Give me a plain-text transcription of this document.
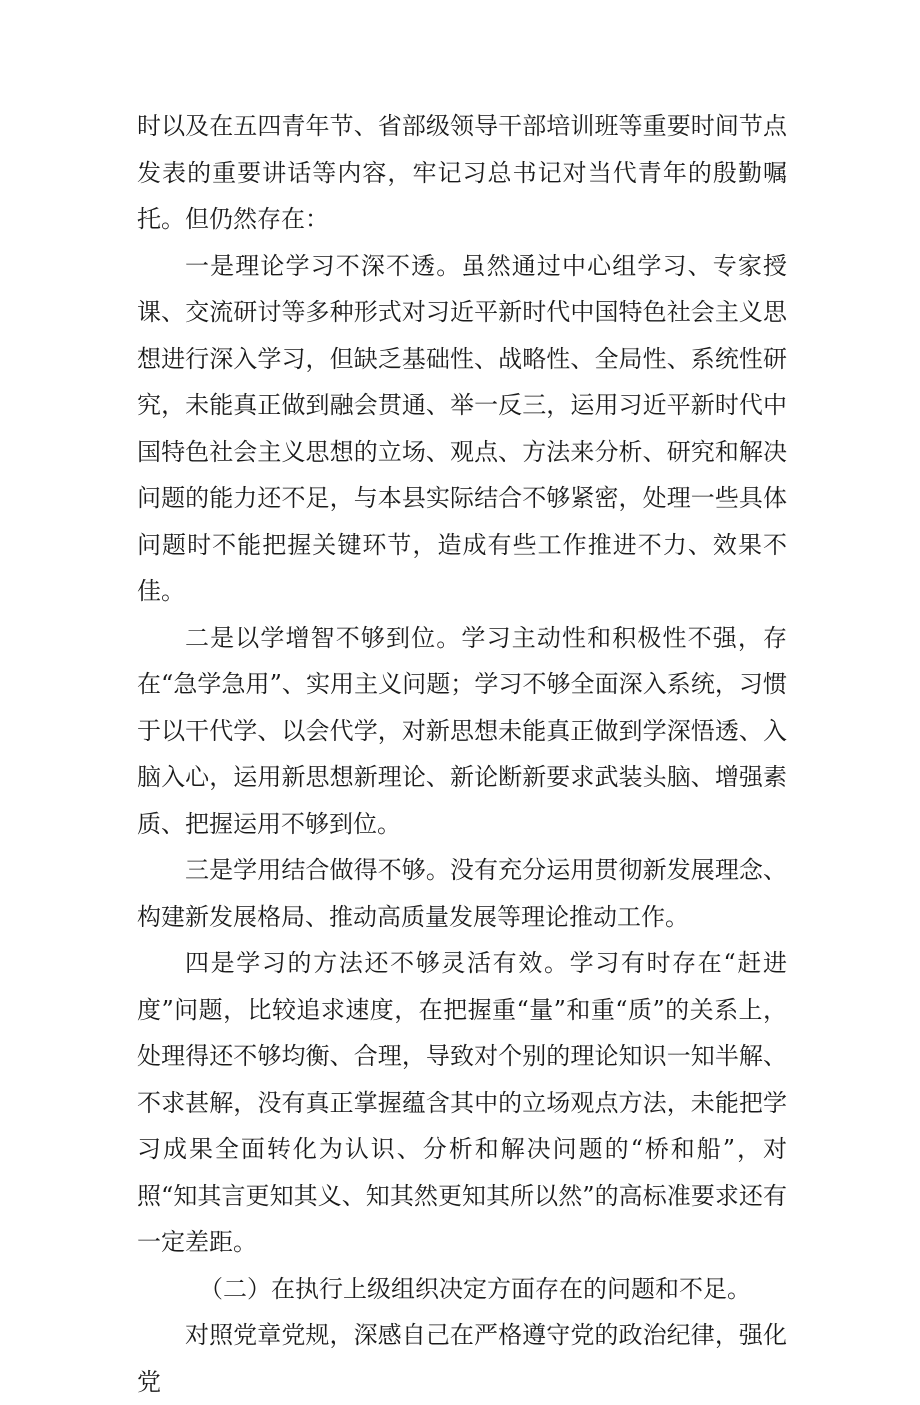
时以及在五四青年节、省部级领导干部培训班等重要时间节点发表的重要讲话等内容，牢记习总书记对当代青年的殷勤嘱托。但仍然存在：

一是理论学习不深不透。虽然通过中心组学习、专家授课、交流研讨等多种形式对习近平新时代中国特色社会主义思想进行深入学习，但缺乏基础性、战略性、全局性、系统性研究，未能真正做到融会贯通、举一反三，运用习近平新时代中国特色社会主义思想的立场、观点、方法来分析、研究和解决问题的能力还不足，与本县实际结合不够紧密，处理一些具体问题时不能把握关键环节，造成有些工作推进不力、效果不佳。

二是以学增智不够到位。学习主动性和积极性不强，存在“急学急用”、实用主义问题；学习不够全面深入系统，习惯于以干代学、以会代学，对新思想未能真正做到学深悟透、入脑入心，运用新思想新理论、新论断新要求武装头脑、增强素质、把握运用不够到位。

三是学用结合做得不够。没有充分运用贯彻新发展理念、构建新发展格局、推动高质量发展等理论推动工作。

四是学习的方法还不够灵活有效。学习有时存在“赶进度”问题，比较追求速度，在把握重“量”和重“质”的关系上，处理得还不够均衡、合理，导致对个别的理论知识一知半解、不求甚解，没有真正掌握蕴含其中的立场观点方法，未能把学习成果全面转化为认识、分析和解决问题的“桥和船”，对照“知其言更知其义、知其然更知其所以然”的高标准要求还有一定差距。

（二）在执行上级组织决定方面存在的问题和不足。

对照党章党规，深感自己在严格遵守党的政治纪律，强化党
